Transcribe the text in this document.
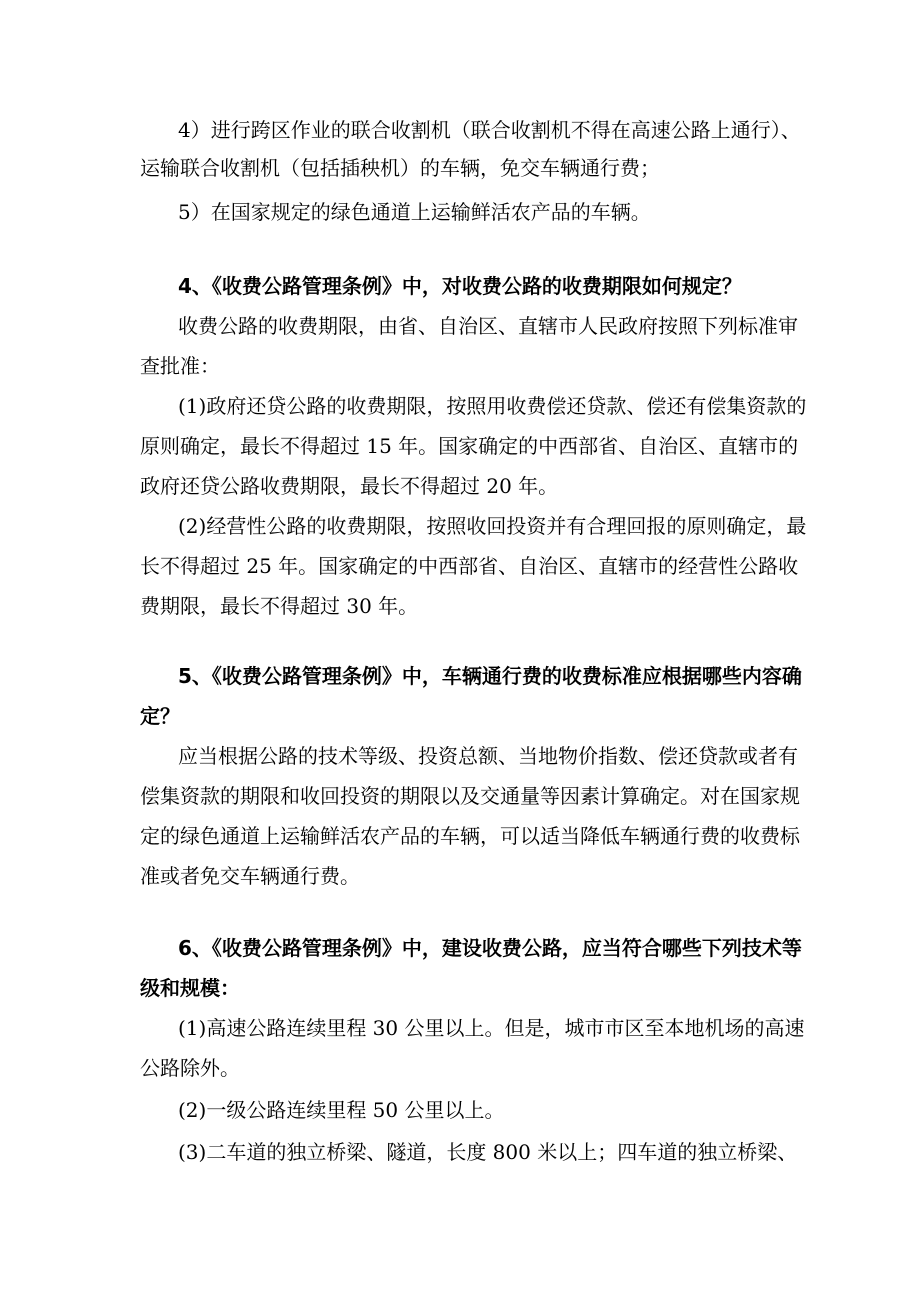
4）进行跨区作业的联合收割机（联合收割机不得在高速公路上通行）、
运输联合收割机（包括插秧机）的车辆，免交车辆通行费；
5）在国家规定的绿色通道上运输鲜活农产品的车辆。
4、《收费公路管理条例》中，对收费公路的收费期限如何规定？
收费公路的收费期限，由省、自治区、直辖市人民政府按照下列标准审
查批准：
(1)政府还贷公路的收费期限，按照用收费偿还贷款、偿还有偿集资款的
原则确定，最长不得超过 15 年。国家确定的中西部省、自治区、直辖市的
政府还贷公路收费期限，最长不得超过 20 年。
(2)经营性公路的收费期限，按照收回投资并有合理回报的原则确定，最
长不得超过 25 年。国家确定的中西部省、自治区、直辖市的经营性公路收
费期限，最长不得超过 30 年。
5、《收费公路管理条例》中，车辆通行费的收费标准应根据哪些内容确
定？
应当根据公路的技术等级、投资总额、当地物价指数、偿还贷款或者有
偿集资款的期限和收回投资的期限以及交通量等因素计算确定。对在国家规
定的绿色通道上运输鲜活农产品的车辆，可以适当降低车辆通行费的收费标
准或者免交车辆通行费。
6、《收费公路管理条例》中，建设收费公路，应当符合哪些下列技术等
级和规模：
(1)高速公路连续里程 30 公里以上。但是，城市市区至本地机场的高速
公路除外。
(2)一级公路连续里程 50 公里以上。
(3)二车道的独立桥梁、隧道，长度 800 米以上；四车道的独立桥梁、
